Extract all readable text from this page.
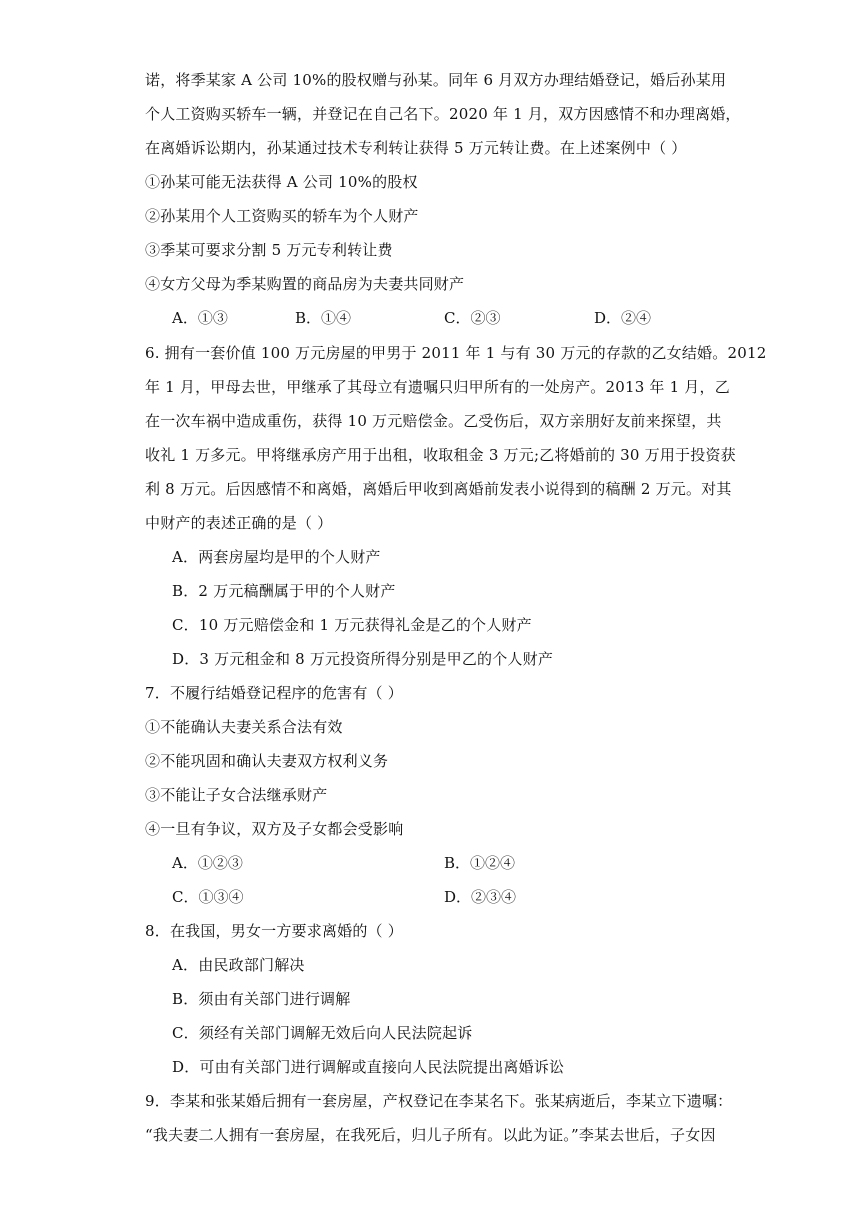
诺，将季某家 A 公司 10%的股权赠与孙某。同年 6 月双方办理结婚登记，婚后孙某用
个人工资购买轿车一辆，并登记在自己名下。2020 年 1 月，双方因感情不和办理离婚，
在离婚诉讼期内，孙某通过技术专利转让获得 5 万元转让费。在上述案例中（ ）
①孙某可能无法获得 A 公司 10%的股权
②孙某用个人工资购买的轿车为个人财产
③季某可要求分割 5 万元专利转让费
④女方父母为季某购置的商品房为夫妻共同财产
A．①③	B．①④	C．②③	D．②④
6. 拥有一套价值 100 万元房屋的甲男于 2011 年 1 与有 30 万元的存款的乙女结婚。2012
年 1 月，甲母去世，甲继承了其母立有遗嘱只归甲所有的一处房产。2013 年 1 月，乙
在一次车祸中造成重伤，获得 10 万元赔偿金。乙受伤后，双方亲朋好友前来探望，共
收礼 1 万多元。甲将继承房产用于出租，收取租金 3 万元;乙将婚前的 30 万用于投资获
利 8 万元。后因感情不和离婚，离婚后甲收到离婚前发表小说得到的稿酬 2 万元。对其
中财产的表述正确的是（ ）
A．两套房屋均是甲的个人财产
B．2 万元稿酬属于甲的个人财产
C．10 万元赔偿金和 1 万元获得礼金是乙的个人财产
D．3 万元租金和 8 万元投资所得分别是甲乙的个人财产
7．不履行结婚登记程序的危害有（ ）
①不能确认夫妻关系合法有效
②不能巩固和确认夫妻双方权利义务
③不能让子女合法继承财产
④一旦有争议，双方及子女都会受影响
A．①②③	B．①②④
C．①③④	D．②③④
8．在我国，男女一方要求离婚的（ ）
A．由民政部门解决
B．须由有关部门进行调解
C．须经有关部门调解无效后向人民法院起诉
D．可由有关部门进行调解或直接向人民法院提出离婚诉讼
9．李某和张某婚后拥有一套房屋，产权登记在李某名下。张某病逝后，李某立下遗嘱：
“我夫妻二人拥有一套房屋，在我死后，归儿子所有。以此为证。”李某去世后，子女因
